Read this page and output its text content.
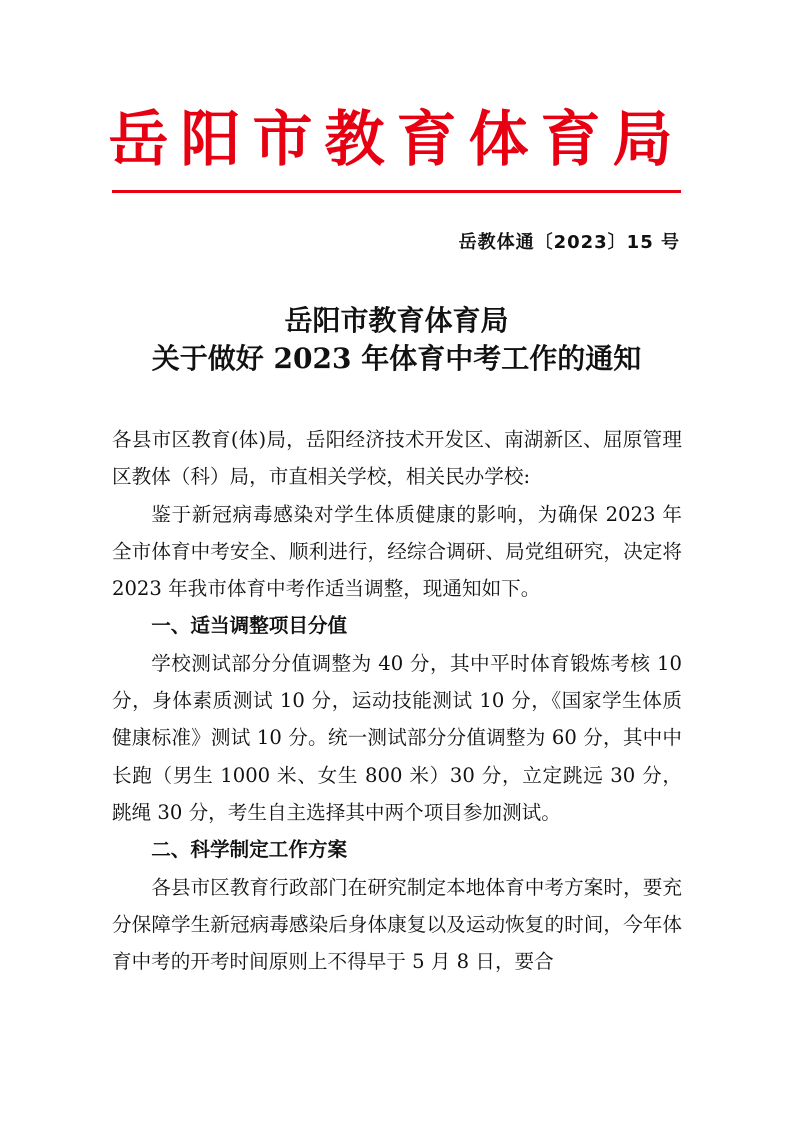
岳阳市教育体育局
岳教体通〔2023〕15 号
岳阳市教育体育局
关于做好 2023 年体育中考工作的通知

各县市区教育(体)局，岳阳经济技术开发区、南湖新区、屈原管理区教体（科）局，市直相关学校，相关民办学校:

鉴于新冠病毒感染对学生体质健康的影响，为确保 2023 年全市体育中考安全、顺利进行，经综合调研、局党组研究，决定将 2023 年我市体育中考作适当调整，现通知如下。

一、适当调整项目分值

学校测试部分分值调整为 40 分，其中平时体育锻炼考核 10 分，身体素质测试 10 分，运动技能测试 10 分，《国家学生体质健康标准》测试 10 分。统一测试部分分值调整为 60 分，其中中长跑（男生 1000 米、女生 800 米）30 分，立定跳远 30 分，跳绳 30 分，考生自主选择其中两个项目参加测试。

二、科学制定工作方案

各县市区教育行政部门在研究制定本地体育中考方案时，要充分保障学生新冠病毒感染后身体康复以及运动恢复的时间，今年体育中考的开考时间原则上不得早于 5 月 8 日，要合
